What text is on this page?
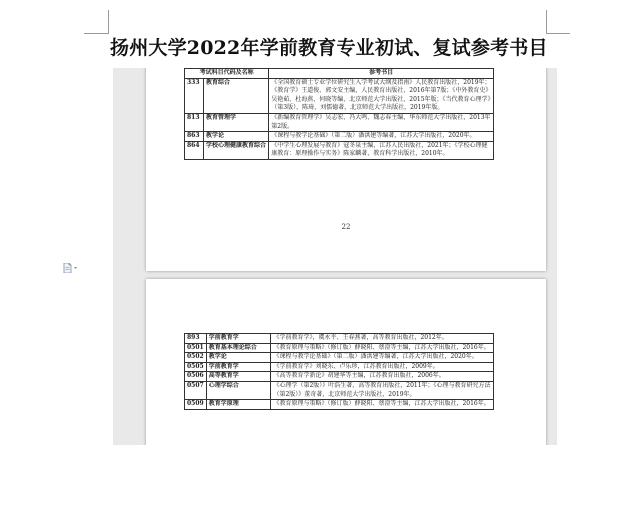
扬州大学2022年学前教育专业初试、复试参考书目
考试科目代码及名称		参考书目
333	教育综合	《全国教育硕士专业学位研究生入学考试大纲及指南》人民教育出版社，2019年；《教育学》王道俊、郭文安主编，人民教育出版社，2016年第7版；《中外教育史》吴艳茹、杜海燕、何晓等编，北京师范大学出版社，2015年版；《当代教育心理学》（第3版），陈琦、刘儒德著，北京师范大学出版社，2019年版。
813	教育管理学	《新编教育管理学》吴志宏、冯大鸣、魏志春主编，华东师范大学出版社，2013年第2版。
863	教学论	《课程与教学论基础》（第二版）潘洪建等编著，江苏大学出版社，2020年。
864	学校心理健康教育综合	《中学生心理发展与教育》寇冬泉主编，江苏人民出版社，2021年；《学校心理健康教育：原理操作与实务》陈家麟著，教育科学出版社，2010年。
22
893	学前教育学	《学前教育学》，虞永平、王春燕著，高等教育出版社，2012年。
0501	教育基本理论综合	《教育原理与策略》（修订版）薛晓阳、蔡澄等主编，江苏大学出版社，2016年。
0502	教学论	《课程与教学论基础》（第二版）潘洪建等编著，江苏大学出版社，2020年。
0505	学前教育学	《学前教育学》刘晓东、卢乐珍，江苏教育出版社，2009年。
0506	高等教育学	《高等教育学新论》胡建华等主编，江苏教育出版社，2006年。
0507	心理学综合	《心理学（第2版）》叶浩生著，高等教育出版社，2011年；《心理与教育研究方法（第2版）》董奇著，北京师范大学出版社，2019年。
0509	教育学原理	《教育原理与策略》（修订版）薛晓阳、蔡澄等主编，江苏大学出版社，2016年。
